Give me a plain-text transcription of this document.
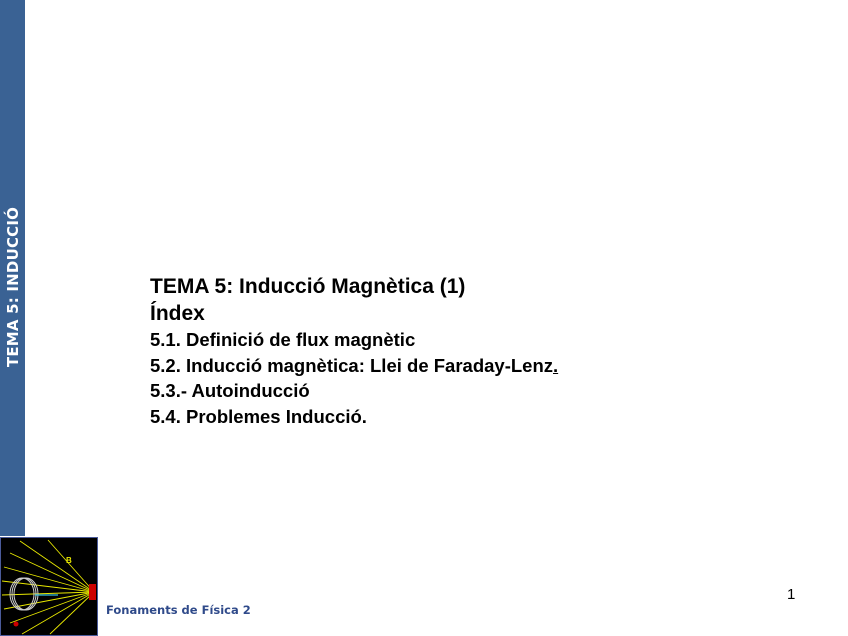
TEMA 5: INDUCCIÓ	TEMA 5: Inducció Magnètica (1)
Índex
5.1. Definició de flux magnètic
5.2. Inducció magnètica: Llei de Faraday-Lenz.
5.3.- Autoinducció
5.4. Problemes Inducció.
B
Fonaments de Física 2
1
